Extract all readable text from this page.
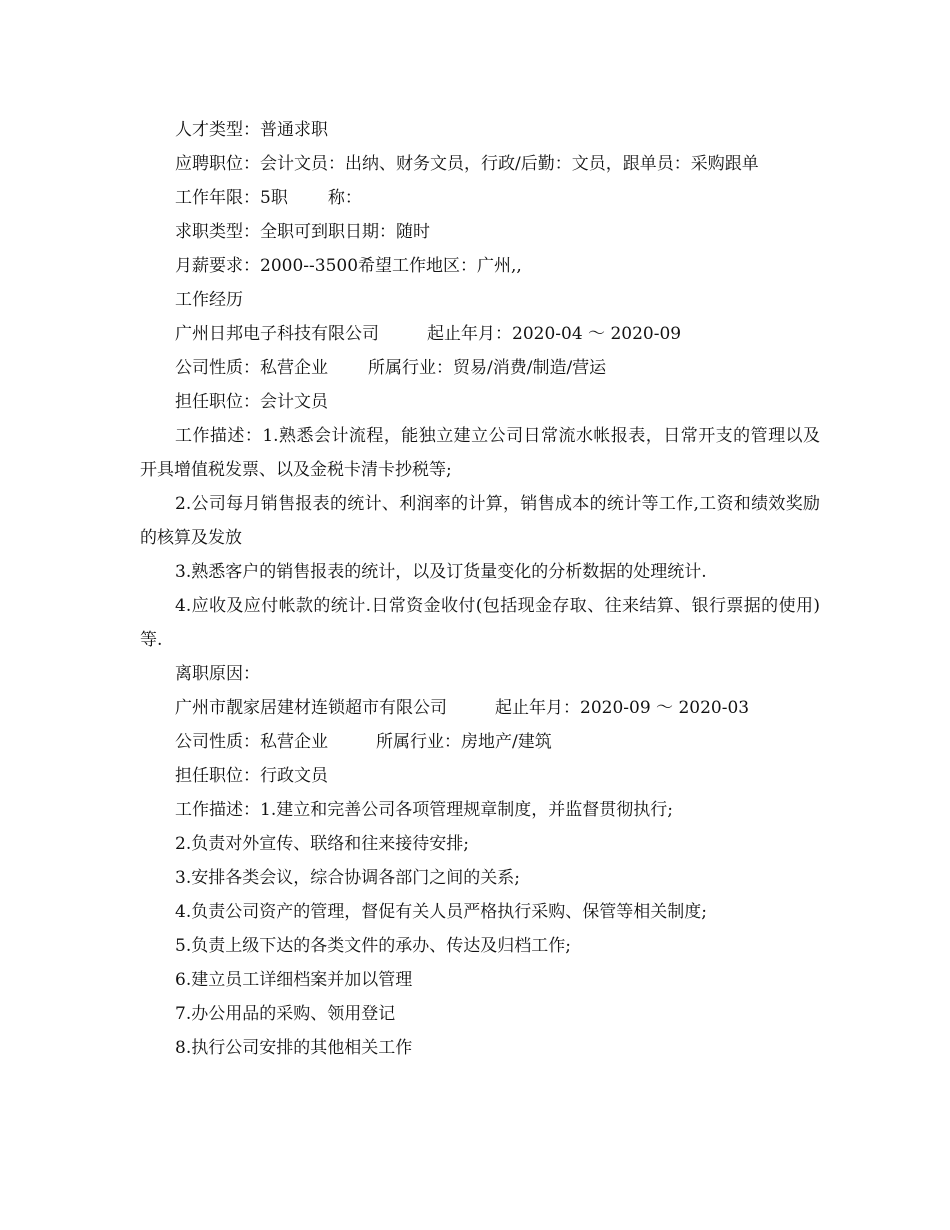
人才类型：普通求职
应聘职位：会计文员：出纳、财务文员，行政/后勤：文员，跟单员：采购跟单
工作年限：5职 称：
求职类型：全职可到职日期：随时
月薪要求：2000--3500希望工作地区：广州,,
工作经历
广州日邦电子科技有限公司	起止年月：2020-04 ～ 2020-09
公司性质：私营企业 所属行业：贸易/消费/制造/营运
担任职位：会计文员
工作描述：1.熟悉会计流程，能独立建立公司日常流水帐报表，日常开支的管理以及开具增值税发票、以及金税卡清卡抄税等;
2.公司每月销售报表的统计、利润率的计算，销售成本的统计等工作,工资和绩效奖励的核算及发放
3.熟悉客户的销售报表的统计，以及订货量变化的分析数据的处理统计.
4.应收及应付帐款的统计.日常资金收付(包括现金存取、往来结算、银行票据的使用)等.
离职原因：
广州市靓家居建材连锁超市有限公司	起止年月：2020-09 ～ 2020-03
公司性质：私营企业	所属行业：房地产/建筑
担任职位：行政文员
工作描述：1.建立和完善公司各项管理规章制度，并监督贯彻执行;
2.负责对外宣传、联络和往来接待安排;
3.安排各类会议，综合协调各部门之间的关系;
4.负责公司资产的管理，督促有关人员严格执行采购、保管等相关制度;
5.负责上级下达的各类文件的承办、传达及归档工作;
6.建立员工详细档案并加以管理
7.办公用品的采购、领用登记
8.执行公司安排的其他相关工作
